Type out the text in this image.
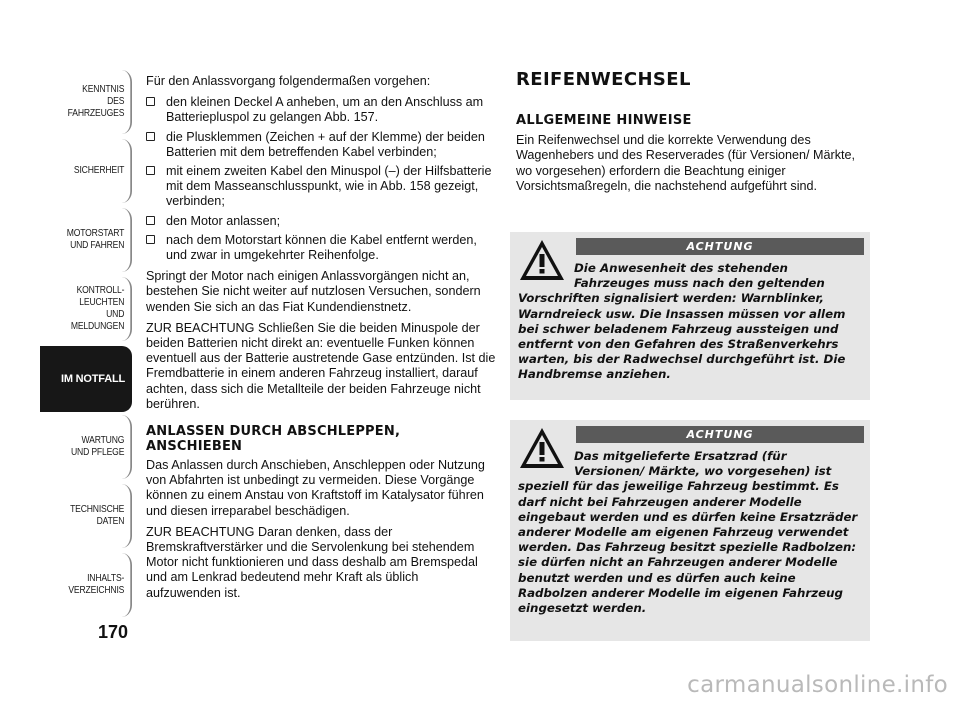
KENNTNIS
DES FAHRZEUGES
SICHERHEIT
MOTORSTART
UND FAHREN
KONTROLL-
LEUCHTEN
UND MELDUNGEN
IM NOTFALL
WARTUNG
UND PFLEGE
TECHNISCHE
DATEN
INHALTS-
VERZEICHNIS
170

Für den Anlassvorgang folgendermaßen vorgehen:

den kleinen Deckel A anheben, um an den Anschluss am Batteriepluspol zu gelangen Abb. 157.
die Plusklemmen (Zeichen + auf der Klemme) der beiden Batterien mit dem betreffenden Kabel verbinden;
mit einem zweiten Kabel den Minuspol (–) der Hilfsbatterie mit dem Masseanschlusspunkt, wie in Abb. 158 gezeigt, verbinden;
den Motor anlassen;
nach dem Motorstart können die Kabel entfernt werden, und zwar in umgekehrter Reihenfolge.

Springt der Motor nach einigen Anlassvorgängen nicht an, bestehen Sie nicht weiter auf nutzlosen Versuchen, sondern wenden Sie sich an das Fiat Kundendienstnetz.

ZUR BEACHTUNG Schließen Sie die beiden Minuspole der beiden Batterien nicht direkt an: eventuelle Funken können eventuell aus der Batterie austretende Gase entzünden. Ist die Fremdbatterie in einem anderen Fahrzeug installiert, darauf achten, dass sich die Metallteile der beiden Fahrzeuge nicht berühren.

ANLASSEN DURCH ABSCHLEPPEN, ANSCHIEBEN

Das Anlassen durch Anschieben, Anschleppen oder Nutzung von Abfahrten ist unbedingt zu vermeiden. Diese Vorgänge können zu einem Anstau von Kraftstoff im Katalysator führen und diesen irreparabel beschädigen.

ZUR BEACHTUNG Daran denken, dass der Bremskraftverstärker und die Servolenkung bei stehendem Motor nicht funktionieren und dass deshalb am Bremspedal und am Lenkrad bedeutend mehr Kraft als üblich aufzuwenden ist.

REIFENWECHSEL
ALLGEMEINE HINWEISE

Ein Reifenwechsel und die korrekte Verwendung des Wagenhebers und des Reserverades (für Versionen/ Märkte, wo vorgesehen) erfordern die Beachtung einiger Vorsichtsmaßregeln, die nachstehend aufgeführt sind.

ACHTUNG
Die Anwesenheit des stehenden
Fahrzeuges muss nach den geltenden
Vorschriften signalisiert werden: Warnblinker, Warndreieck usw. Die Insassen müssen vor allem bei schwer beladenem Fahrzeug aussteigen und entfernt von den Gefahren des Straßenverkehrs warten, bis der Radwechsel durchgeführt ist. Die Handbremse anziehen.
ACHTUNG
Das mitgelieferte Ersatzrad (für
Versionen/ Märkte, wo vorgesehen) ist
speziell für das jeweilige Fahrzeug bestimmt. Es darf nicht bei Fahrzeugen anderer Modelle eingebaut werden und es dürfen keine Ersatzräder anderer Modelle am eigenen Fahrzeug verwendet werden. Das Fahrzeug besitzt spezielle Radbolzen: sie dürfen nicht an Fahrzeugen anderer Modelle benutzt werden und es dürfen auch keine Radbolzen anderer Modelle im eigenen Fahrzeug eingesetzt werden.
carmanualsonline.info
